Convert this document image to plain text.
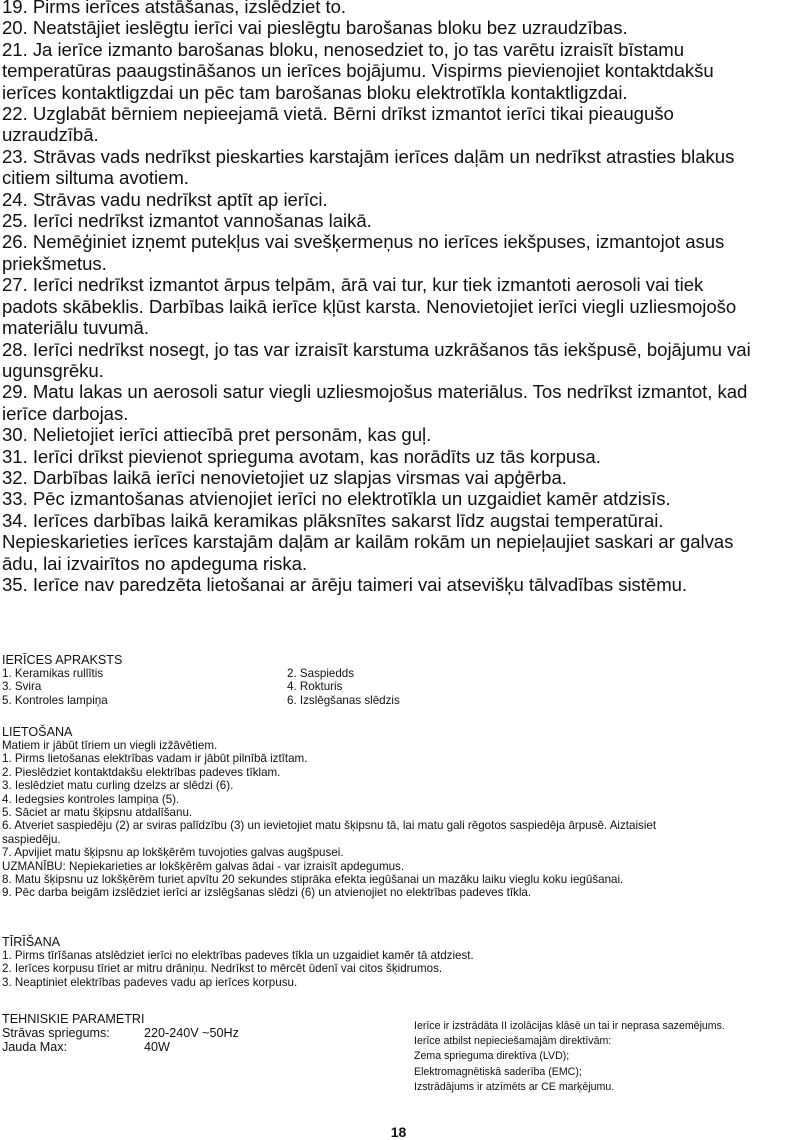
19. Pirms ierīces atstāšanas, izslēdziet to.

20. Neatstājiet ieslēgtu ierīci vai pieslēgtu barošanas bloku bez uzraudzības.

21. Ja ierīce izmanto barošanas bloku, nenosedziet to, jo tas varētu izraisīt bīstamu

temperatūras paaugstināšanos un ierīces bojājumu. Vispirms pievienojiet kontaktdakšu

ierīces kontaktligzdai un pēc tam barošanas bloku elektrotīkla kontaktligzdai.

22. Uzglabāt bērniem nepieejamā vietā. Bērni drīkst izmantot ierīci tikai pieaugušo

uzraudzībā.

23. Strāvas vads nedrīkst pieskarties karstajām ierīces daļām un nedrīkst atrasties blakus

citiem siltuma avotiem.

24. Strāvas vadu nedrīkst aptīt ap ierīci.

25. Ierīci nedrīkst izmantot vannošanas laikā.

26. Nemēģiniet izņemt putekļus vai svešķermeņus no ierīces iekšpuses, izmantojot asus

priekšmetus.

27. Ierīci nedrīkst izmantot ārpus telpām, ārā vai tur, kur tiek izmantoti aerosoli vai tiek

padots skābeklis. Darbības laikā ierīce kļūst karsta. Nenovietojiet ierīci viegli uzliesmojošo

materiālu tuvumā.

28. Ierīci nedrīkst nosegt, jo tas var izraisīt karstuma uzkrāšanos tās iekšpusē, bojājumu vai

ugunsgrēku.

29. Matu lakas un aerosoli satur viegli uzliesmojošus materiālus. Tos nedrīkst izmantot, kad

ierīce darbojas.

30. Nelietojiet ierīci attiecībā pret personām, kas guļ.

31. Ierīci drīkst pievienot sprieguma avotam, kas norādīts uz tās korpusa.

32. Darbības laikā ierīci nenovietojiet uz slapjas virsmas vai apģērba.

33. Pēc izmantošanas atvienojiet ierīci no elektrotīkla un uzgaidiet kamēr atdzisīs.

34. Ierīces darbības laikā keramikas plāksnītes sakarst līdz augstai temperatūrai.

Nepieskarieties ierīces karstajām daļām ar kailām rokām un nepieļaujiet saskari ar galvas

ādu, lai izvairītos no apdeguma riska.

35. Ierīce nav paredzēta lietošanai ar ārēju taimeri vai atsevišķu tālvadības sistēmu.

IERĪCES APRAKSTS

1. Keramikas rullītis	2. Saspiedds

3. Svira	4. Rokturis

5. Kontroles lampiņa	6. Izslēgšanas slēdzis

LIETOŠANA

Matiem ir jābūt tīriem un viegli izžāvētiem.

1. Pirms lietošanas elektrības vadam ir jābūt pilnībā iztītam.

2. Pieslēdziet kontaktdakšu elektrības padeves tīklam.

3. Ieslēdziet matu curling dzelzs ar slēdzi (6).

4. Iedegsies kontroles lampiņa (5).

5. Sāciet ar matu šķipsnu atdalīšanu.

6. Atveriet saspiedēju (2) ar sviras palīdzību (3) un ievietojiet matu šķipsnu tā, lai matu gali rēgotos saspiedēja ārpusē. Aiztaisiet

saspiedēju.

7. Apvijiet matu šķipsnu ap lokšķērēm tuvojoties galvas augšpusei.

UZMANĪBU: Nepiekarieties ar lokšķērēm galvas ādai - var izraisīt apdegumus.

8. Matu šķipsnu uz lokšķērēm turiet apvītu 20 sekundes stiprāka efekta iegūšanai un mazāku laiku vieglu koku iegūšanai.

9. Pēc darba beigām izslēdziet ierīci ar izslēgšanas slēdzi (6) un atvienojiet no elektrības padeves tīkla.

TĪRĪŠANA

1. Pirms tīrīšanas atslēdziet ierīci no elektrības padeves tīkla un uzgaidiet kamēr tā atdziest.

2. Ierīces korpusu tīriet ar mitru drāniņu. Nedrīkst to mērcēt ūdenī vai citos šķidrumos.

3. Neaptiniet elektrības padeves vadu ap ierīces korpusu.

TEHNISKIE PARAMETRI

Strāvas spriegums:	220-240V ~50Hz
Jauda Max:	40W

Ierīce ir izstrādāta II izolācijas klāsē un tai ir neprasa sazemējums.

Ierīce atbilst nepieciešamajām direktīvām:

Zema sprieguma direktīva (LVD);

Elektromagnētiskā saderība (EMC);

Izstrādājums ir atzīmēts ar CE marķējumu.

18
